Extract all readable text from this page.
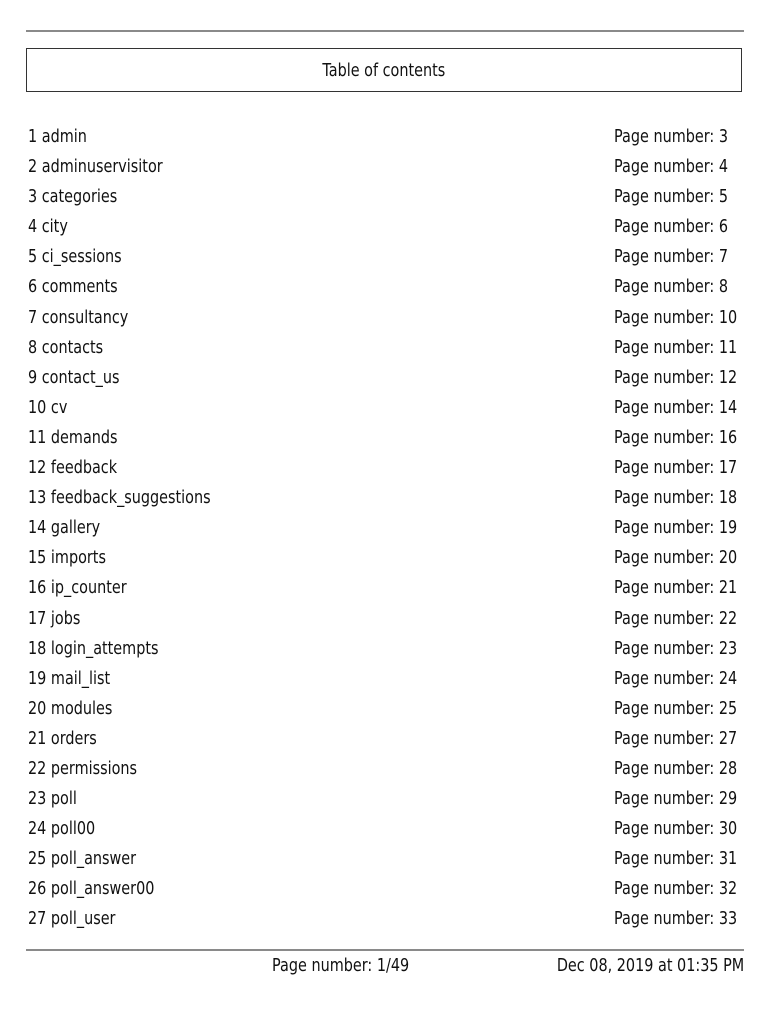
Table of contents
1 admin	Page number: 3
2 adminuservisitor	Page number: 4
3 categories	Page number: 5
4 city	Page number: 6
5 ci_sessions	Page number: 7
6 comments	Page number: 8
7 consultancy	Page number: 10
8 contacts	Page number: 11
9 contact_us	Page number: 12
10 cv	Page number: 14
11 demands	Page number: 16
12 feedback	Page number: 17
13 feedback_suggestions	Page number: 18
14 gallery	Page number: 19
15 imports	Page number: 20
16 ip_counter	Page number: 21
17 jobs	Page number: 22
18 login_attempts	Page number: 23
19 mail_list	Page number: 24
20 modules	Page number: 25
21 orders	Page number: 27
22 permissions	Page number: 28
23 poll	Page number: 29
24 poll00	Page number: 30
25 poll_answer	Page number: 31
26 poll_answer00	Page number: 32
27 poll_user	Page number: 33
Page number: 1/49	Dec 08, 2019 at 01:35 PM
